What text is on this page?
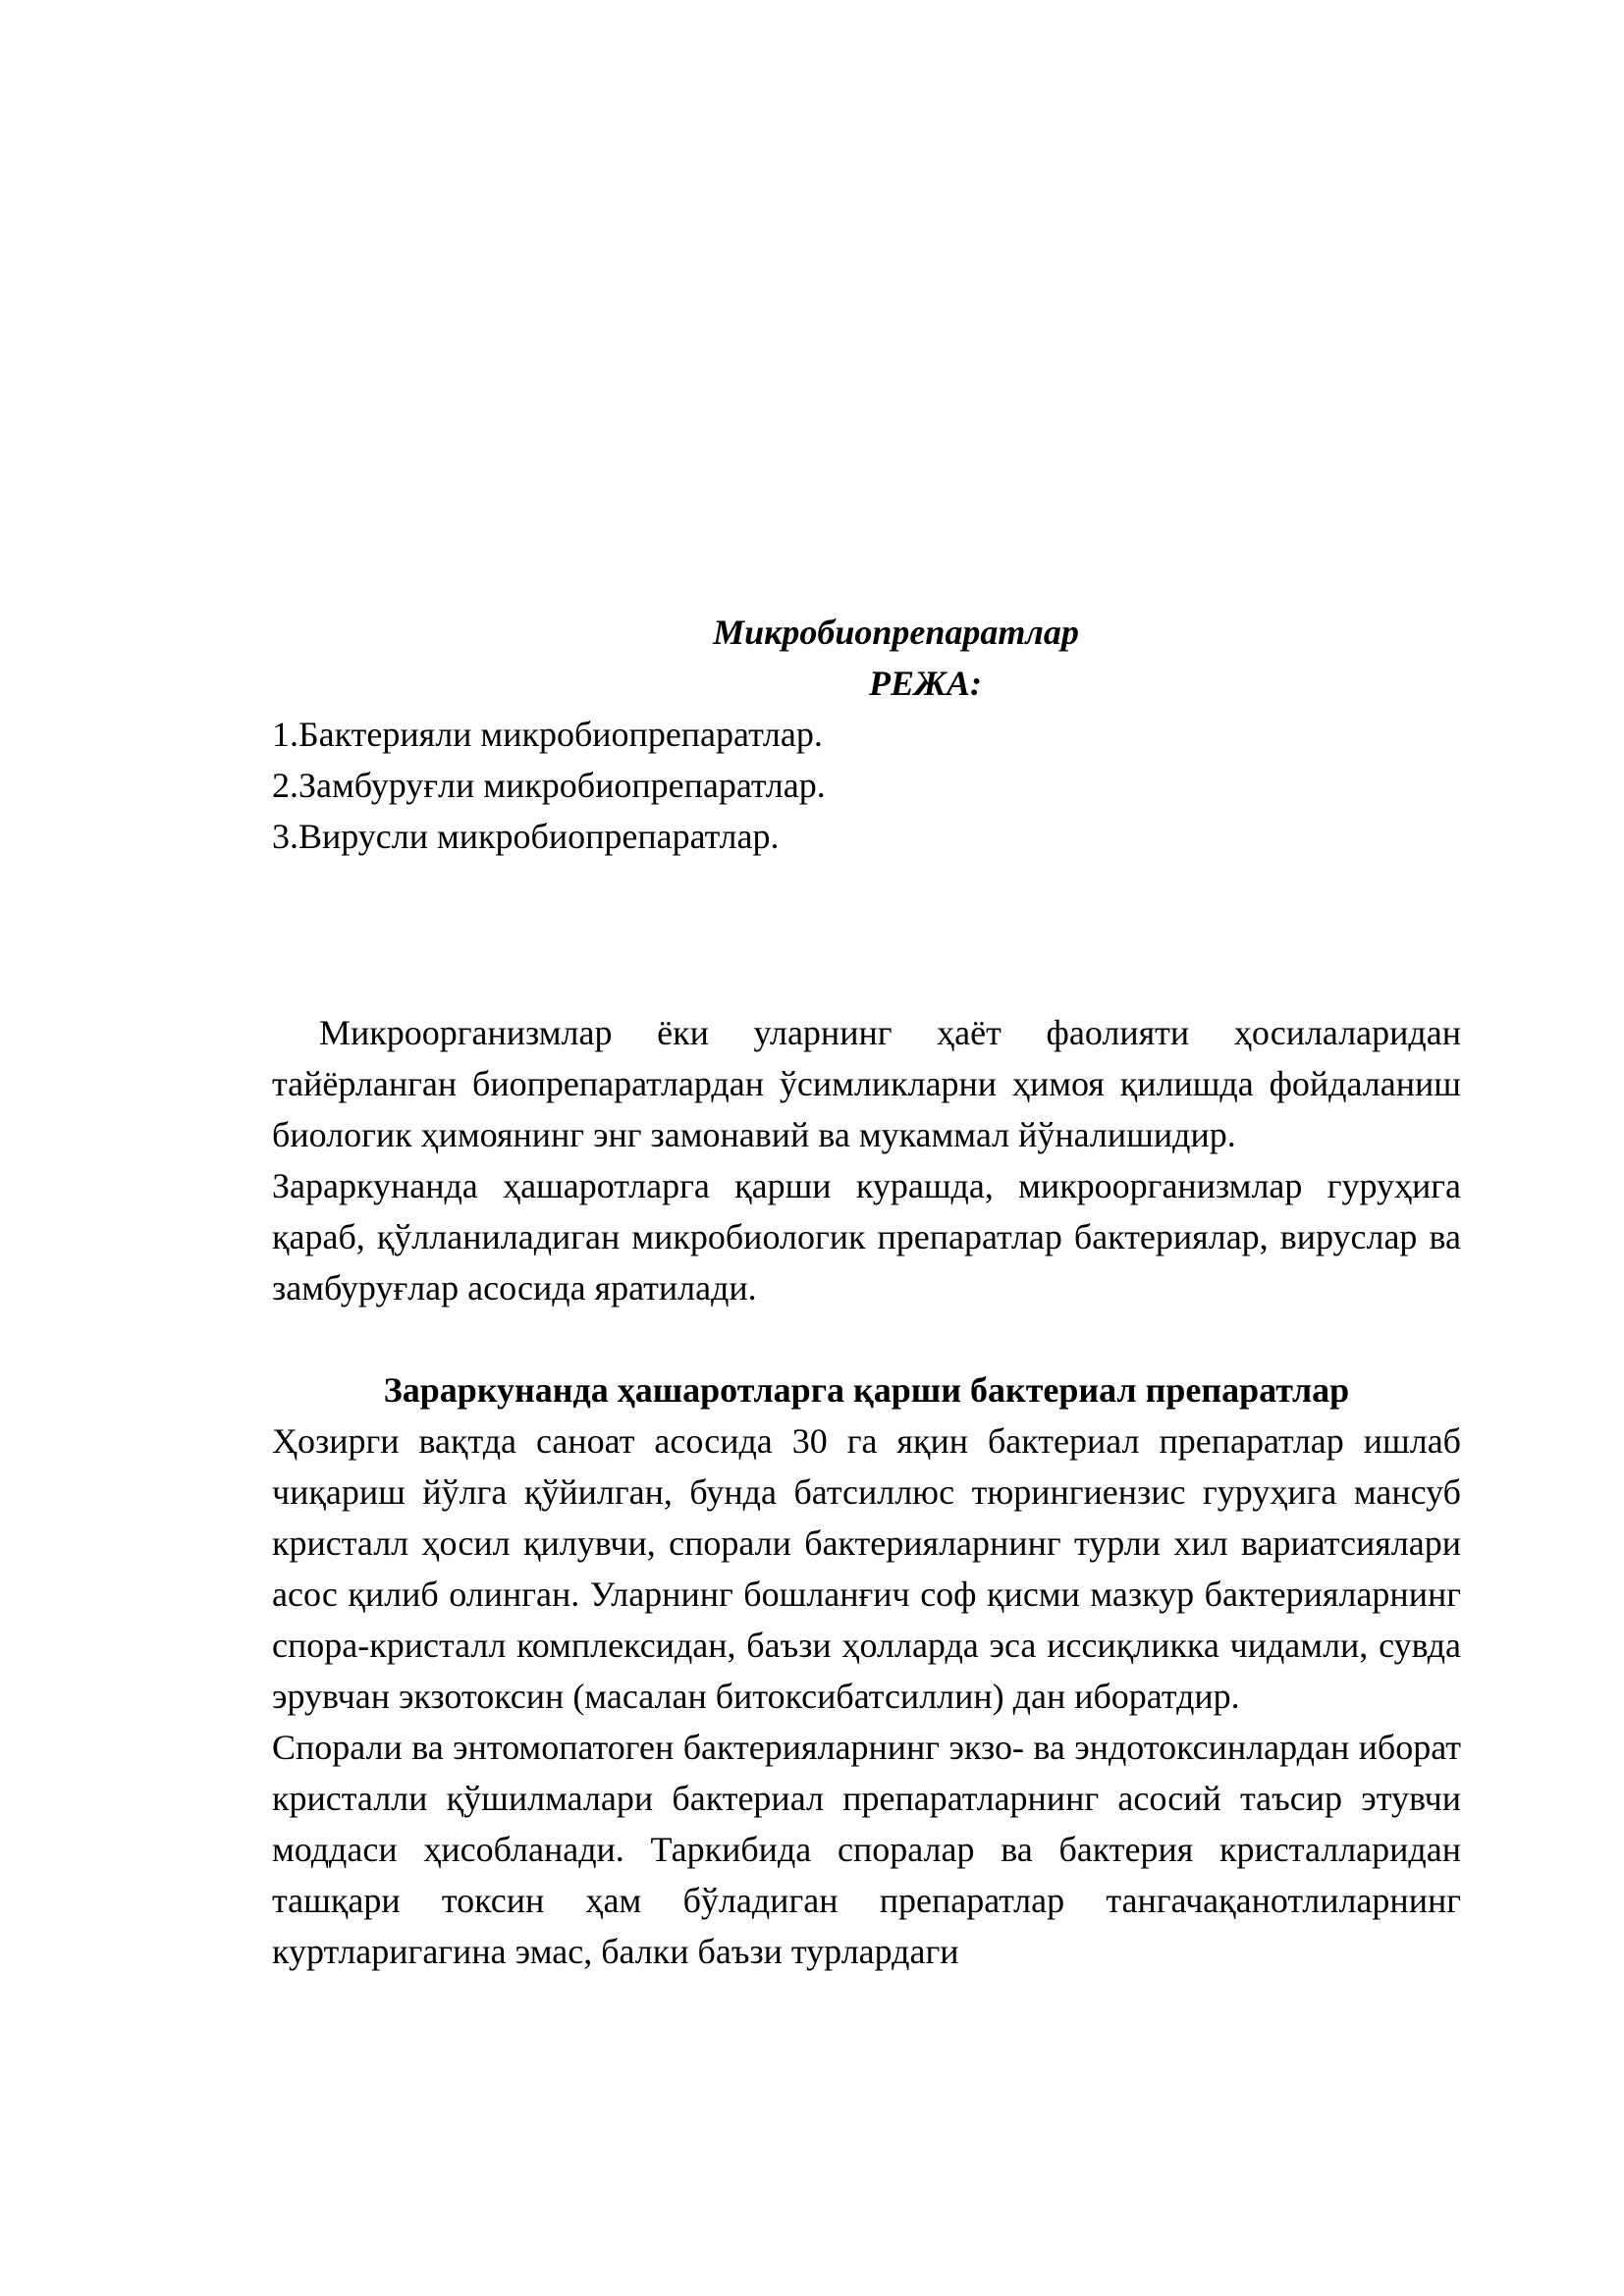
Микробиопрепаратлар

РЕЖА:

1.Бактерияли микробиопрепаратлар.
2.Замбуруғли микробиопрепаратлар.
3.Вирусли микробиопрепаратлар.

Микроорганизмлар ёки уларнинг ҳаёт фаолияти ҳосилаларидан тайёрланган биопрепаратлардан ўсимликларни ҳимоя қилишда фойдаланиш биологик ҳимоянинг энг замонавий ва мукаммал йўналишидир.

Зараркунанда ҳашаротларга қарши курашда, микроорганизмлар гуруҳига қараб, қўлланиладиган микробиологик препаратлар бактериялар, вируслар ва замбуруғлар асосида яратилади.

Зараркунанда ҳашаротларга қарши бактериал препаратлар

Ҳозирги вақтда саноат асосида 30 га яқин бактериал препаратлар ишлаб чиқариш йўлга қўйилган, бунда батсиллюс тюрингиензис гуруҳига мансуб кристалл ҳосил қилувчи, спорали бактерияларнинг турли хил вариатсиялари асос қилиб олинган. Уларнинг бошланғич соф қисми мазкур бактерияларнинг спора-кристалл комплексидан, баъзи ҳолларда эса иссиқликка чидамли, сувда эрувчан экзотоксин (масалан битоксибатсиллин) дан иборатдир.

Спорали ва энтомопатоген бактерияларнинг экзо- ва эндотоксинлардан иборат кристалли қўшилмалари бактериал препаратларнинг асосий таъсир этувчи моддаси ҳисобланади. Таркибида споралар ва бактерия кристалларидан ташқари токсин ҳам бўладиган препаратлар тангачақанотлиларнинг куртларигагина эмас, балки баъзи турлардаги
